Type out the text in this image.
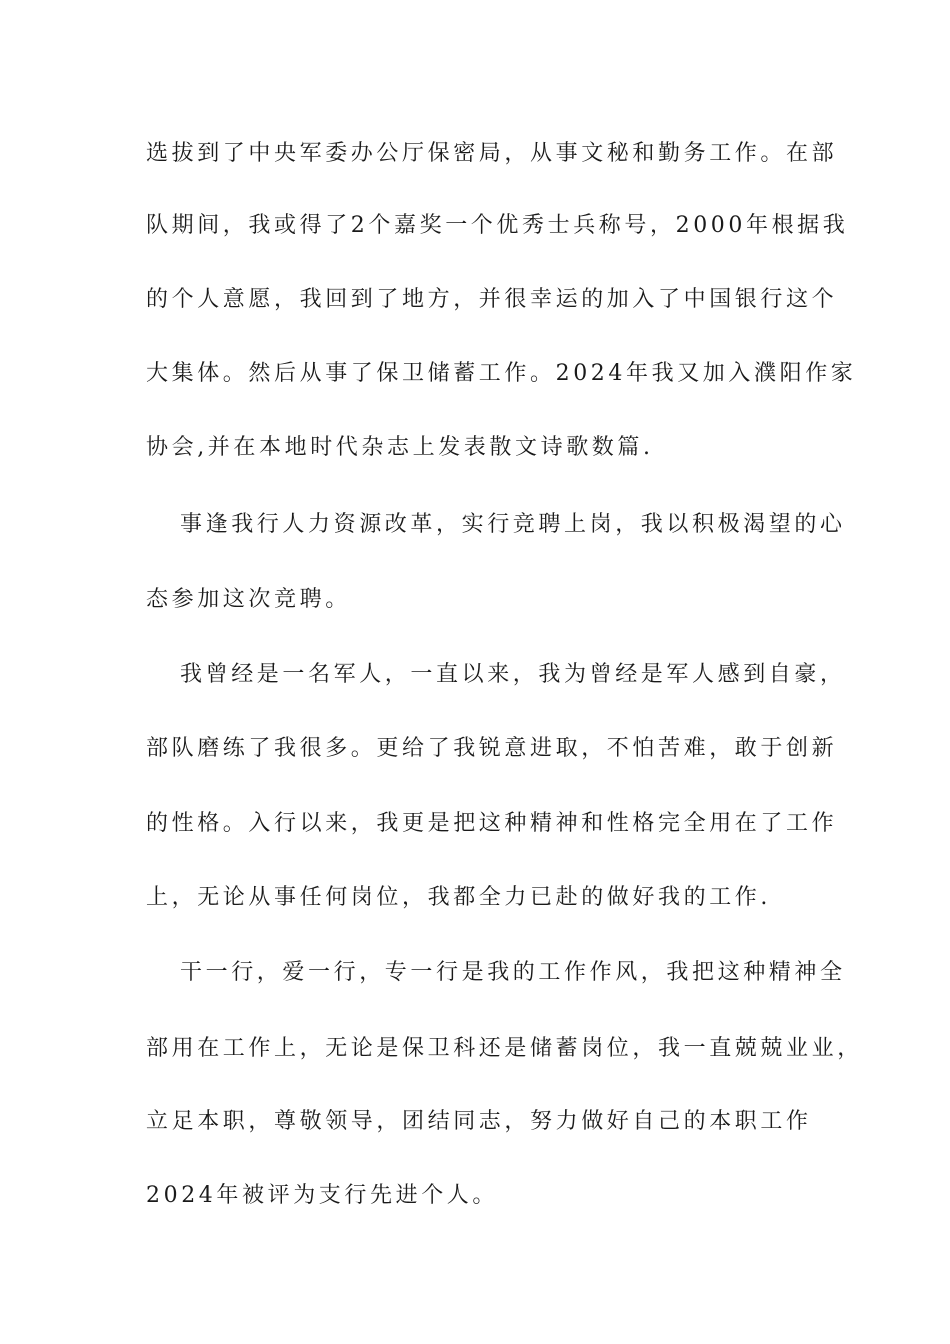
选拔到了中央军委办公厅保密局，从事文秘和勤务工作。在部
队期间，我或得了2个嘉奖一个优秀士兵称号，2000年根据我
的个人意愿，我回到了地方，并很幸运的加入了中国银行这个
大集体。然后从事了保卫储蓄工作。2024年我又加入濮阳作家
协会,并在本地时代杂志上发表散文诗歌数篇.
事逢我行人力资源改革，实行竞聘上岗，我以积极渴望的心
态参加这次竞聘。
我曾经是一名军人，一直以来，我为曾经是军人感到自豪，
部队磨练了我很多。更给了我锐意进取，不怕苦难，敢于创新
的性格。入行以来，我更是把这种精神和性格完全用在了工作
上，无论从事任何岗位，我都全力已赴的做好我的工作.
干一行，爱一行，专一行是我的工作作风，我把这种精神全
部用在工作上，无论是保卫科还是储蓄岗位，我一直兢兢业业，
立足本职，尊敬领导，团结同志，努力做好自己的本职工作
2024年被评为支行先进个人。
